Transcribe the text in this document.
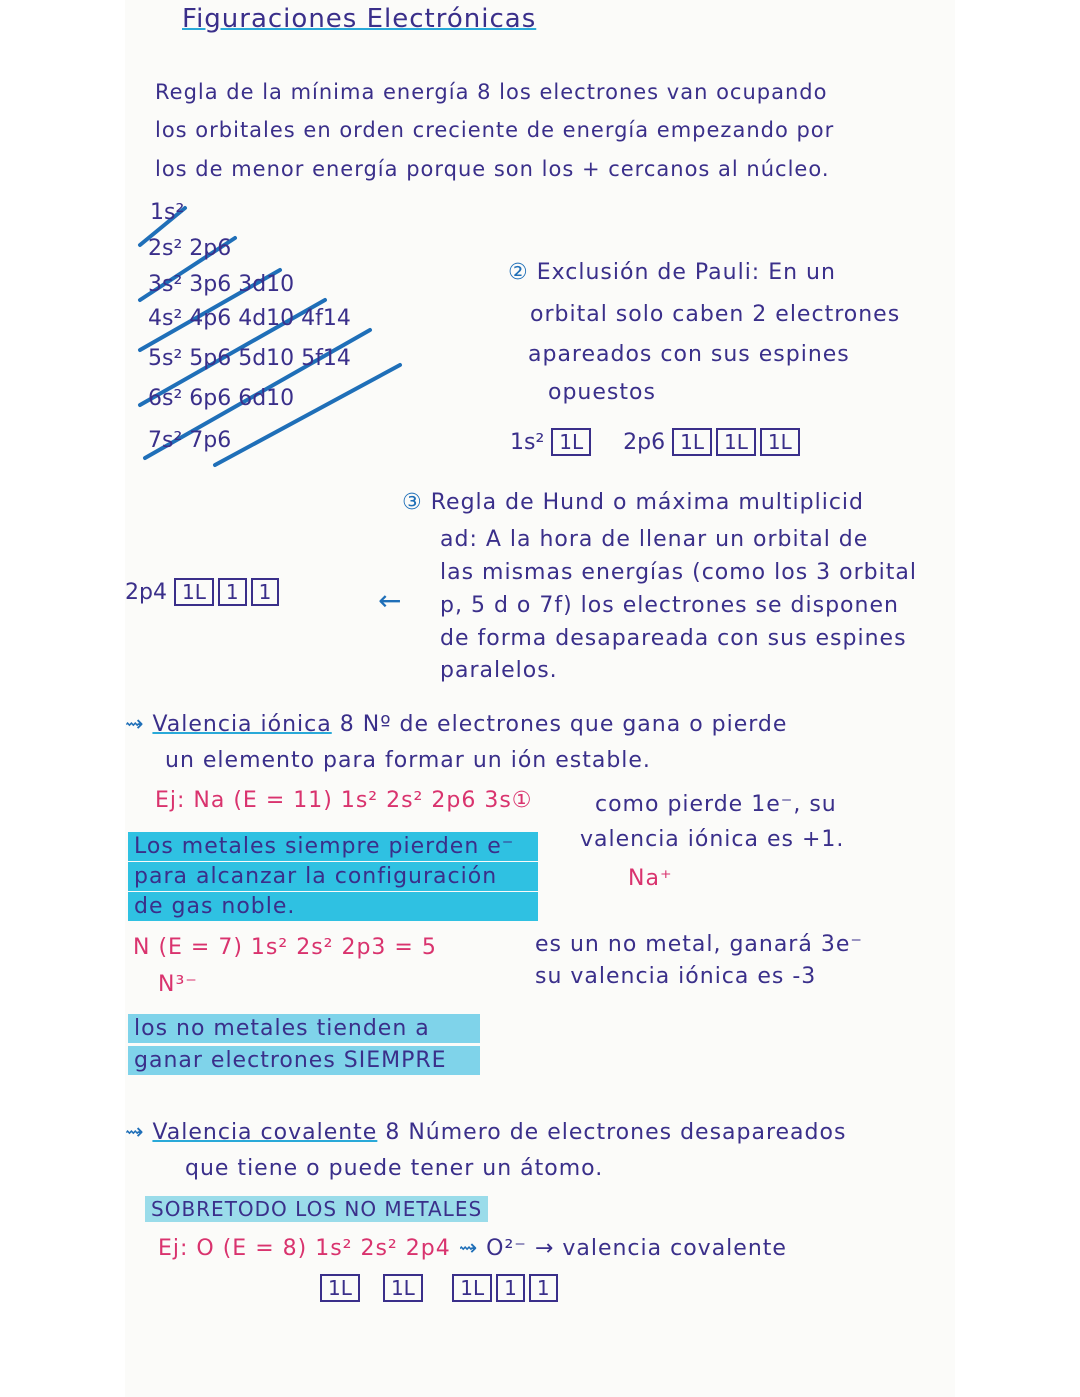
Figuraciones Electrónicas
Regla de la mínima energía 8 los electrones van ocupando
los orbitales en orden creciente de energía empezando por
los de menor energía porque son los + cercanos al núcleo.
1s²
2s² 2p6
3s² 3p6 3d10
4s² 4p6 4d10 4f14
5s² 5p6 5d10 5f14
6s² 6p6 6d10
7s² 7p6
② Exclusión de Pauli: En un
orbital solo caben 2 electrones
apareados con sus espines
opuestos
1s² 1L 2p6 1L 1L 1L
③ Regla de Hund o máxima multiplicid
ad: A la hora de llenar un orbital de
las mismas energías (como los 3 orbital
p, 5 d o 7f) los electrones se disponen
de forma desapareada con sus espines
paralelos.
2p4 1L 1 1	←
⇝ Valencia iónica 8 Nº de electrones que gana o pierde
un elemento para formar un ión estable.
Ej: Na (E = 11) 1s² 2s² 2p6 3s①	como pierde 1e⁻, su
valencia iónica es +1.
Na⁺
Los metales siempre pierden e⁻
para alcanzar la configuración
de gas noble.
N (E = 7) 1s² 2s² 2p3 = 5	es un no metal, ganará 3e⁻
su valencia iónica es -3
N³⁻
los no metales tienden a
ganar electrones SIEMPRE
⇝ Valencia covalente 8 Número de electrones desapareados
que tiene o puede tener un átomo.
SOBRETODO LOS NO METALES
Ej: O (E = 8) 1s² 2s² 2p4 ⇝ O²⁻ → valencia covalente
1L 1L 1L 1 1
